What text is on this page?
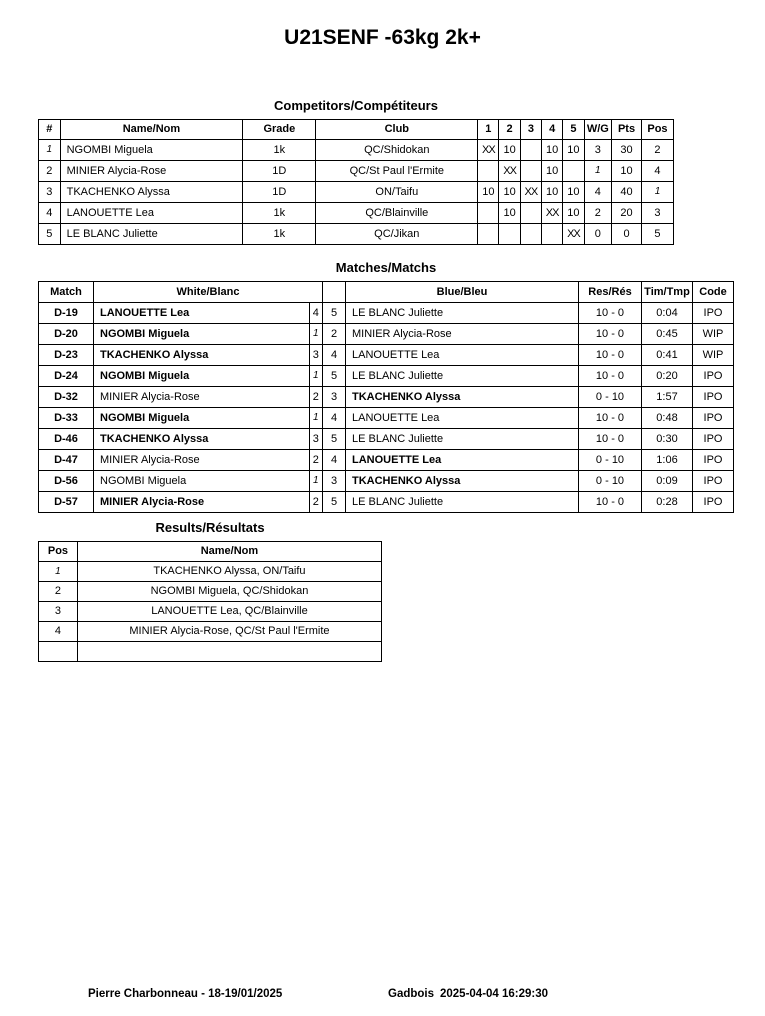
U21SENF -63kg 2k+
Competitors/Compétiteurs
#	Name/Nom	Grade	Club	1	2	3	4	5	W/G	Pts	Pos
1	NGOMBI Miguela	1k	QC/Shidokan	XX	10		10	10	3	30	2
2	MINIER Alycia-Rose	1D	QC/St Paul l'Ermite		XX		10		1	10	4
3	TKACHENKO Alyssa	1D	ON/Taifu	10	10	XX	10	10	4	40	1
4	LANOUETTE Lea	1k	QC/Blainville		10		XX	10	2	20	3
5	LE BLANC Juliette	1k	QC/Jikan					XX	0	0	5
Matches/Matchs
Match	White/Blanc			Blue/Bleu	Res/Rés	Tim/Tmp	Code
D-19	LANOUETTE Lea	4	5	LE BLANC Juliette	10 - 0	0:04	IPO
D-20	NGOMBI Miguela	1	2	MINIER Alycia-Rose	10 - 0	0:45	WIP
D-23	TKACHENKO Alyssa	3	4	LANOUETTE Lea	10 - 0	0:41	WIP
D-24	NGOMBI Miguela	1	5	LE BLANC Juliette	10 - 0	0:20	IPO
D-32	MINIER Alycia-Rose	2	3	TKACHENKO Alyssa	0 - 10	1:57	IPO
D-33	NGOMBI Miguela	1	4	LANOUETTE Lea	10 - 0	0:48	IPO
D-46	TKACHENKO Alyssa	3	5	LE BLANC Juliette	10 - 0	0:30	IPO
D-47	MINIER Alycia-Rose	2	4	LANOUETTE Lea	0 - 10	1:06	IPO
D-56	NGOMBI Miguela	1	3	TKACHENKO Alyssa	0 - 10	0:09	IPO
D-57	MINIER Alycia-Rose	2	5	LE BLANC Juliette	10 - 0	0:28	IPO
Results/Résultats
Pos	Name/Nom
1	TKACHENKO Alyssa, ON/Taifu
2	NGOMBI Miguela, QC/Shidokan
3	LANOUETTE Lea, QC/Blainville
4	MINIER Alycia-Rose, QC/St Paul l'Ermite

Pierre Charbonneau - 18-19/01/2025	Gadbois 2025-04-04 16:29:30
